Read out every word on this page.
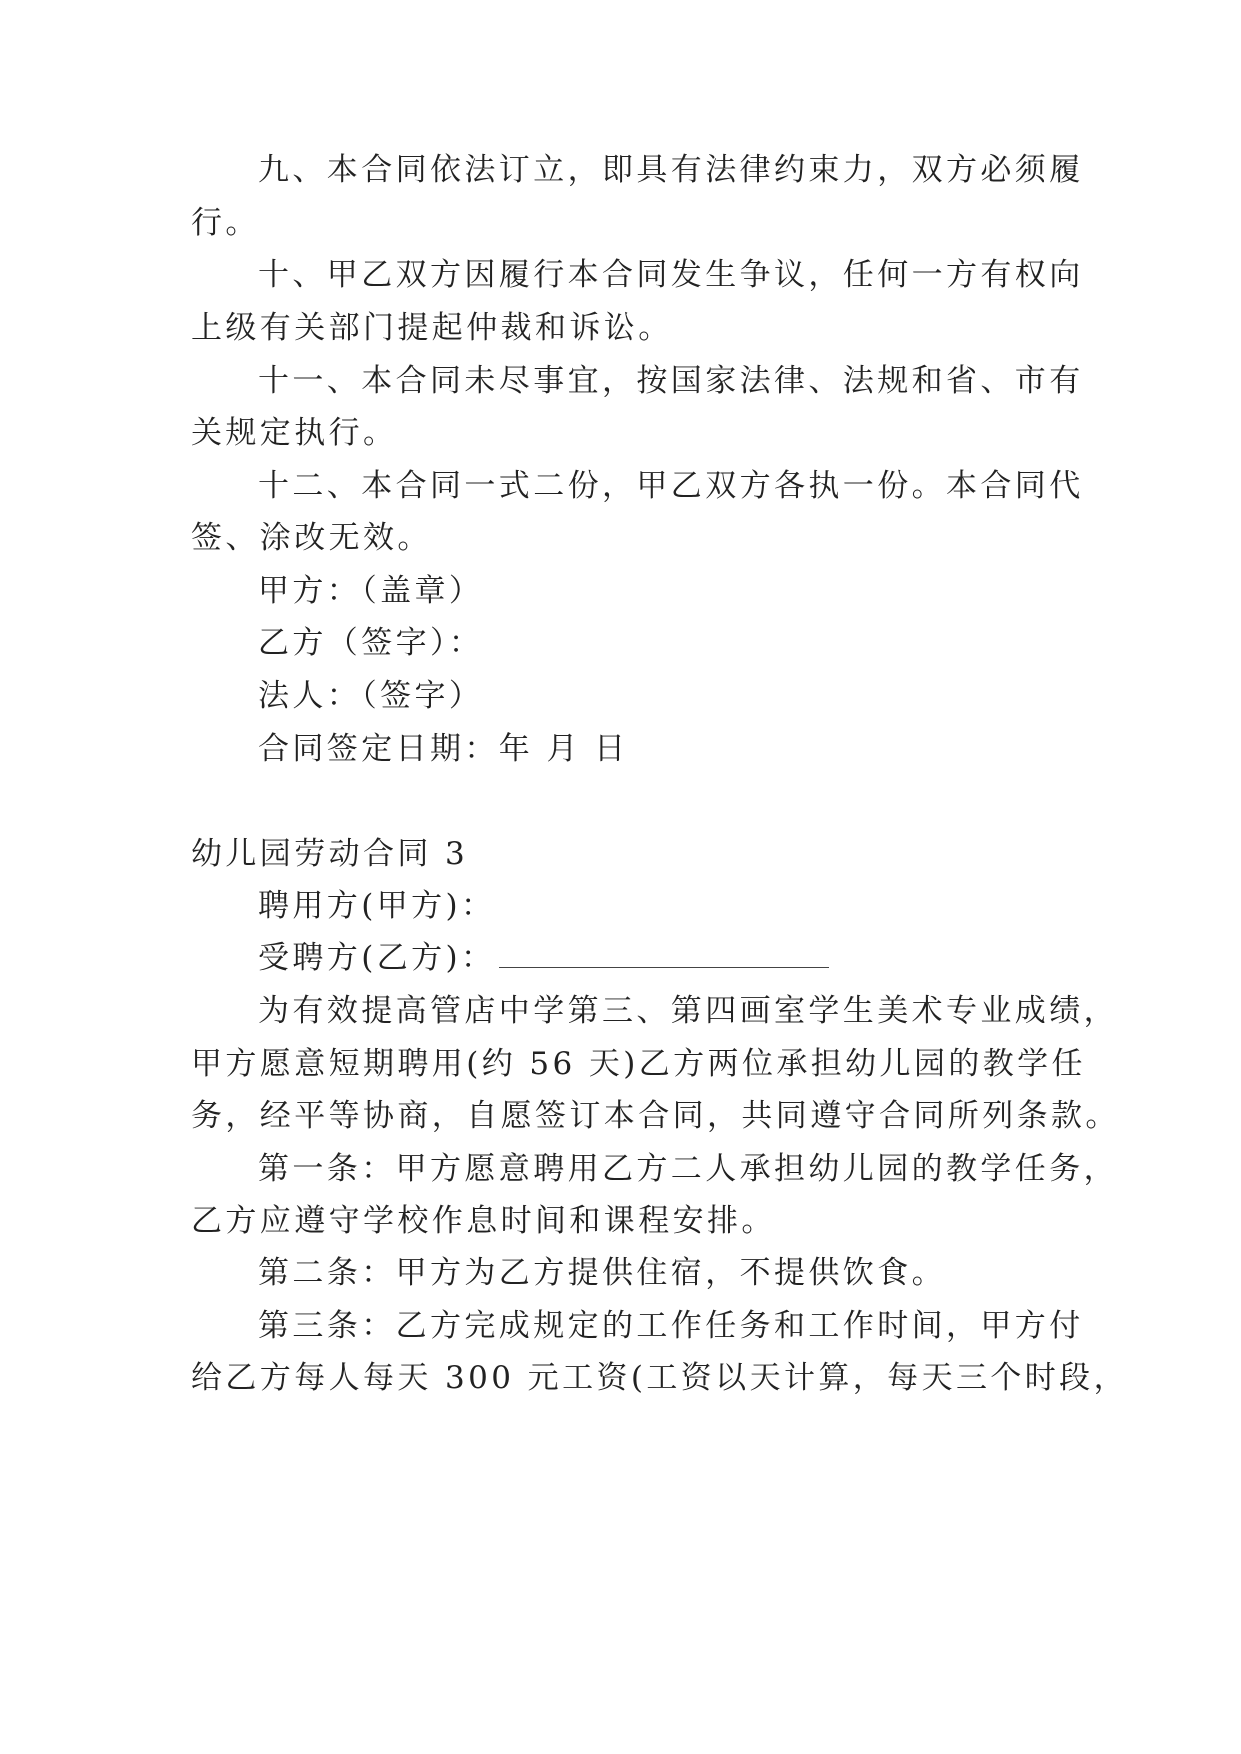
九、本合同依法订立，即具有法律约束力，双方必须履
行。
十、甲乙双方因履行本合同发生争议，任何一方有权向
上级有关部门提起仲裁和诉讼。
十一、本合同未尽事宜，按国家法律、法规和省、市有
关规定执行。
十二、本合同一式二份，甲乙双方各执一份。本合同代
签、涂改无效。
甲方：（盖章）
乙方（签字）：
法人：（签字）
合同签定日期：年 月 日
幼儿园劳动合同 3
聘用方(甲方)：
受聘方(乙方)：
为有效提高管店中学第三、第四画室学生美术专业成绩，
甲方愿意短期聘用(约 56 天)乙方两位承担幼儿园的教学任
务，经平等协商，自愿签订本合同，共同遵守合同所列条款。
第一条：甲方愿意聘用乙方二人承担幼儿园的教学任务，
乙方应遵守学校作息时间和课程安排。
第二条：甲方为乙方提供住宿，不提供饮食。
第三条：乙方完成规定的工作任务和工作时间，甲方付
给乙方每人每天 300 元工资(工资以天计算，每天三个时段，
